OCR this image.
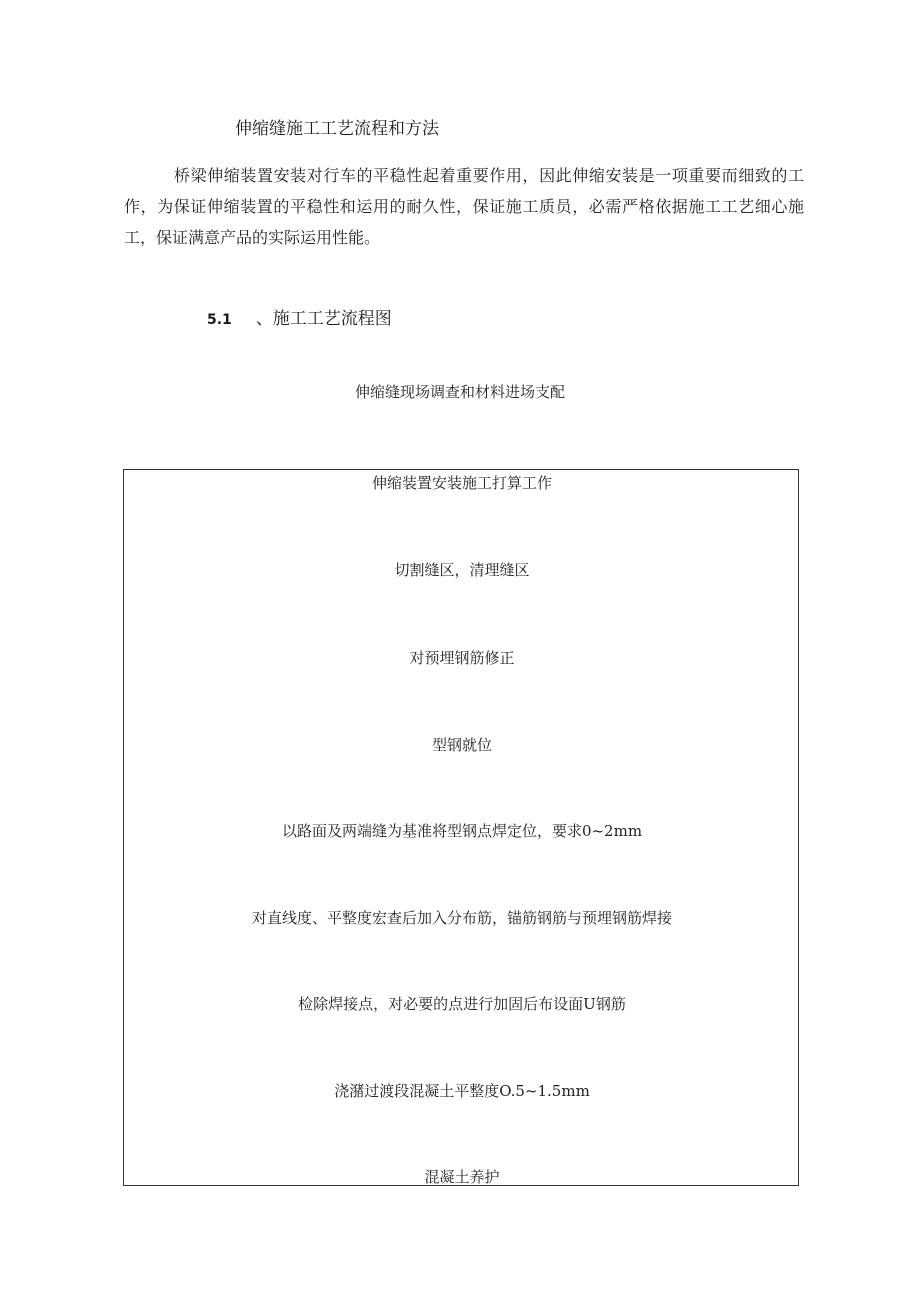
伸缩缝施工工艺流程和方法
桥梁伸缩装置安装对行车的平稳性起着重要作用，因此伸缩安装是一项重要而细致的工作，为保证伸缩装置的平稳性和运用的耐久性，保证施工质员，必需严格依据施工工艺细心施工，保证满意产品的实际运用性能。
5.1 、施工工艺流程图
伸缩缝现场调查和材料进场支配
伸缩装置安装施工打算工作
切割缝区，清理缝区
对预埋钢筋修正
型钢就位
以路面及两端缝为基准将型钢点焊定位，要求0~2mm
对直线度、平整度宏查后加入分布筋，锚筋钢筋与预埋钢筋焊接
检除焊接点，对必要的点进行加固后布设面U钢筋
浇潴过渡段混凝土平整度O.5~1.5mm
混凝土养护
